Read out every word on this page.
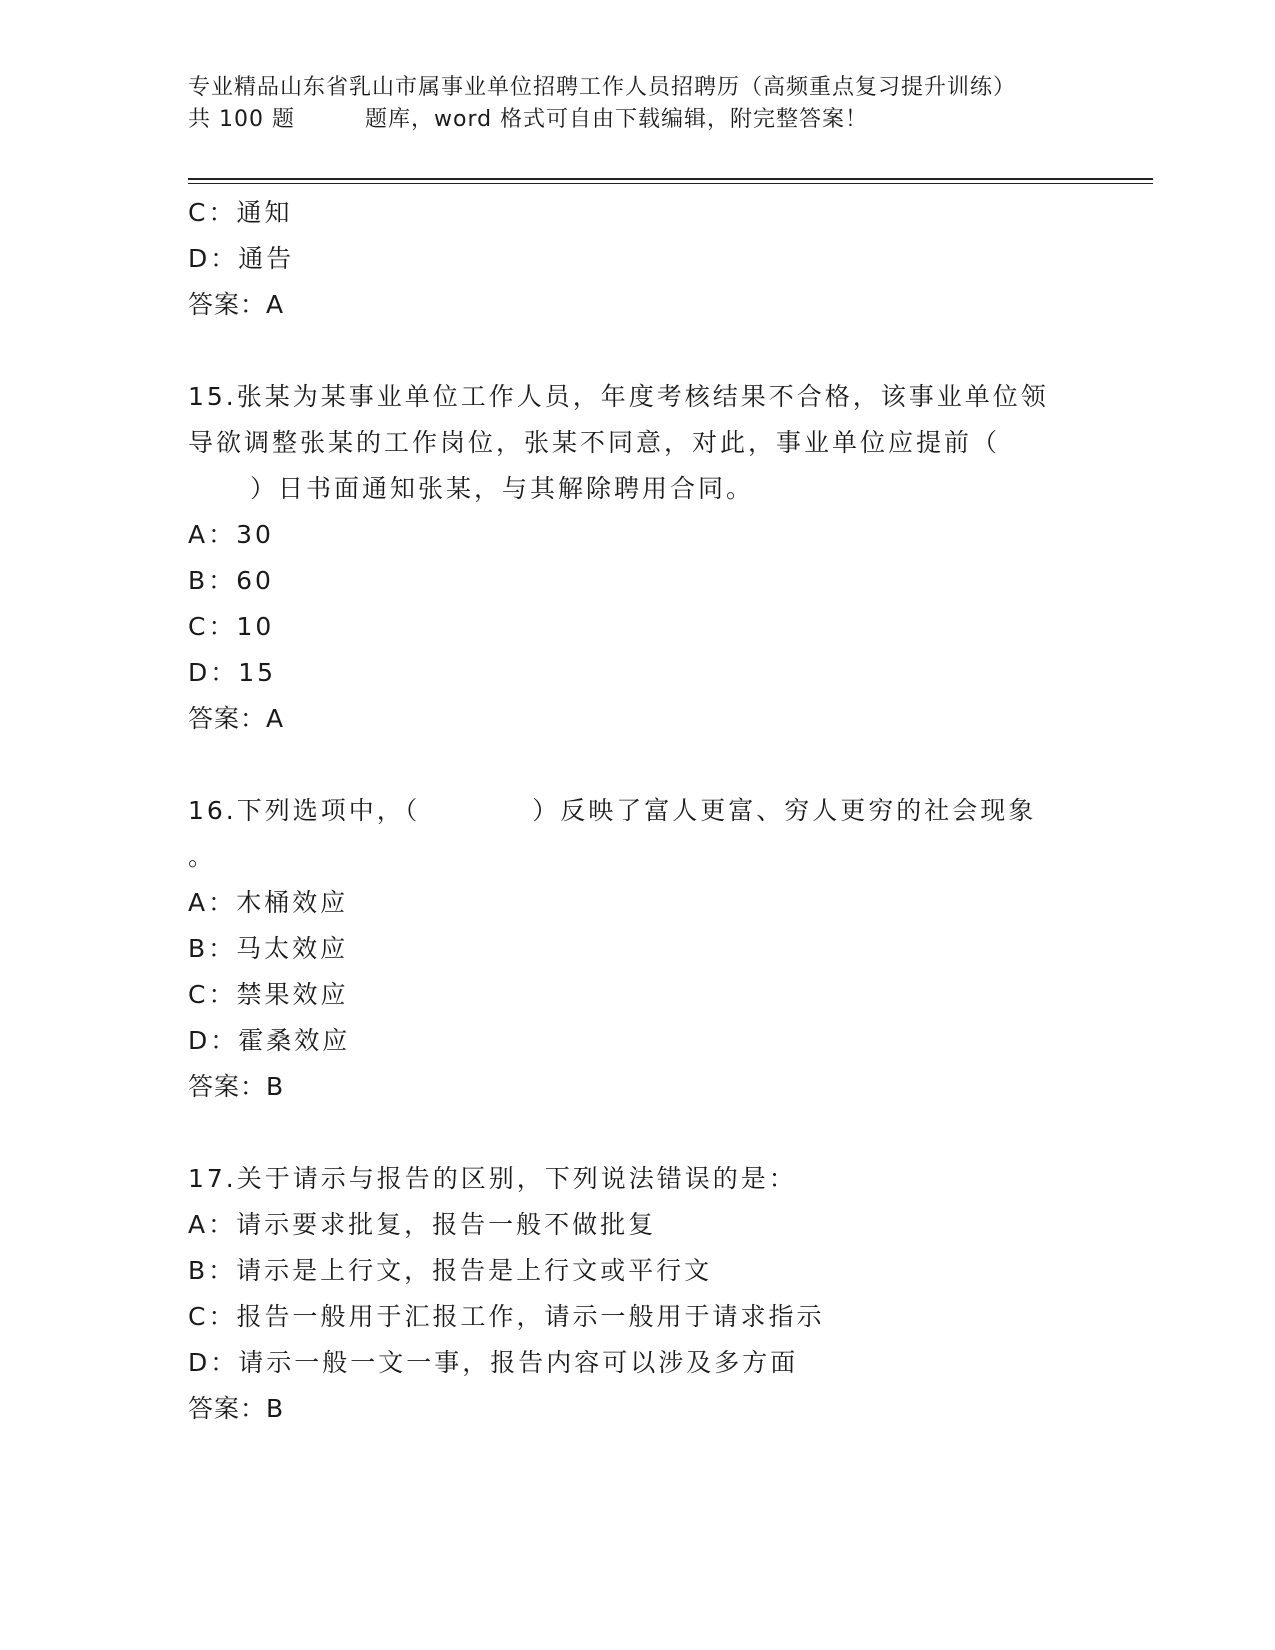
专业精品山东省乳山市属事业单位招聘工作人员招聘历（高频重点复习提升训练）
共 100 题	题库，word 格式可自由下载编辑，附完整答案！
C：通知
D：通告
答案：A
15.张某为某事业单位工作人员，年度考核结果不合格，该事业单位领
导欲调整张某的工作岗位，张某不同意，对此，事业单位应提前（
）日书面通知张某，与其解除聘用合同。
A：30
B：60
C：10
D：15
答案：A
16.下列选项中，（　　　　）反映了富人更富、穷人更穷的社会现象
。
A：木桶效应
B：马太效应
C：禁果效应
D：霍桑效应
答案：B
17.关于请示与报告的区别，下列说法错误的是：
A：请示要求批复，报告一般不做批复
B：请示是上行文，报告是上行文或平行文
C：报告一般用于汇报工作，请示一般用于请求指示
D：请示一般一文一事，报告内容可以涉及多方面
答案：B
